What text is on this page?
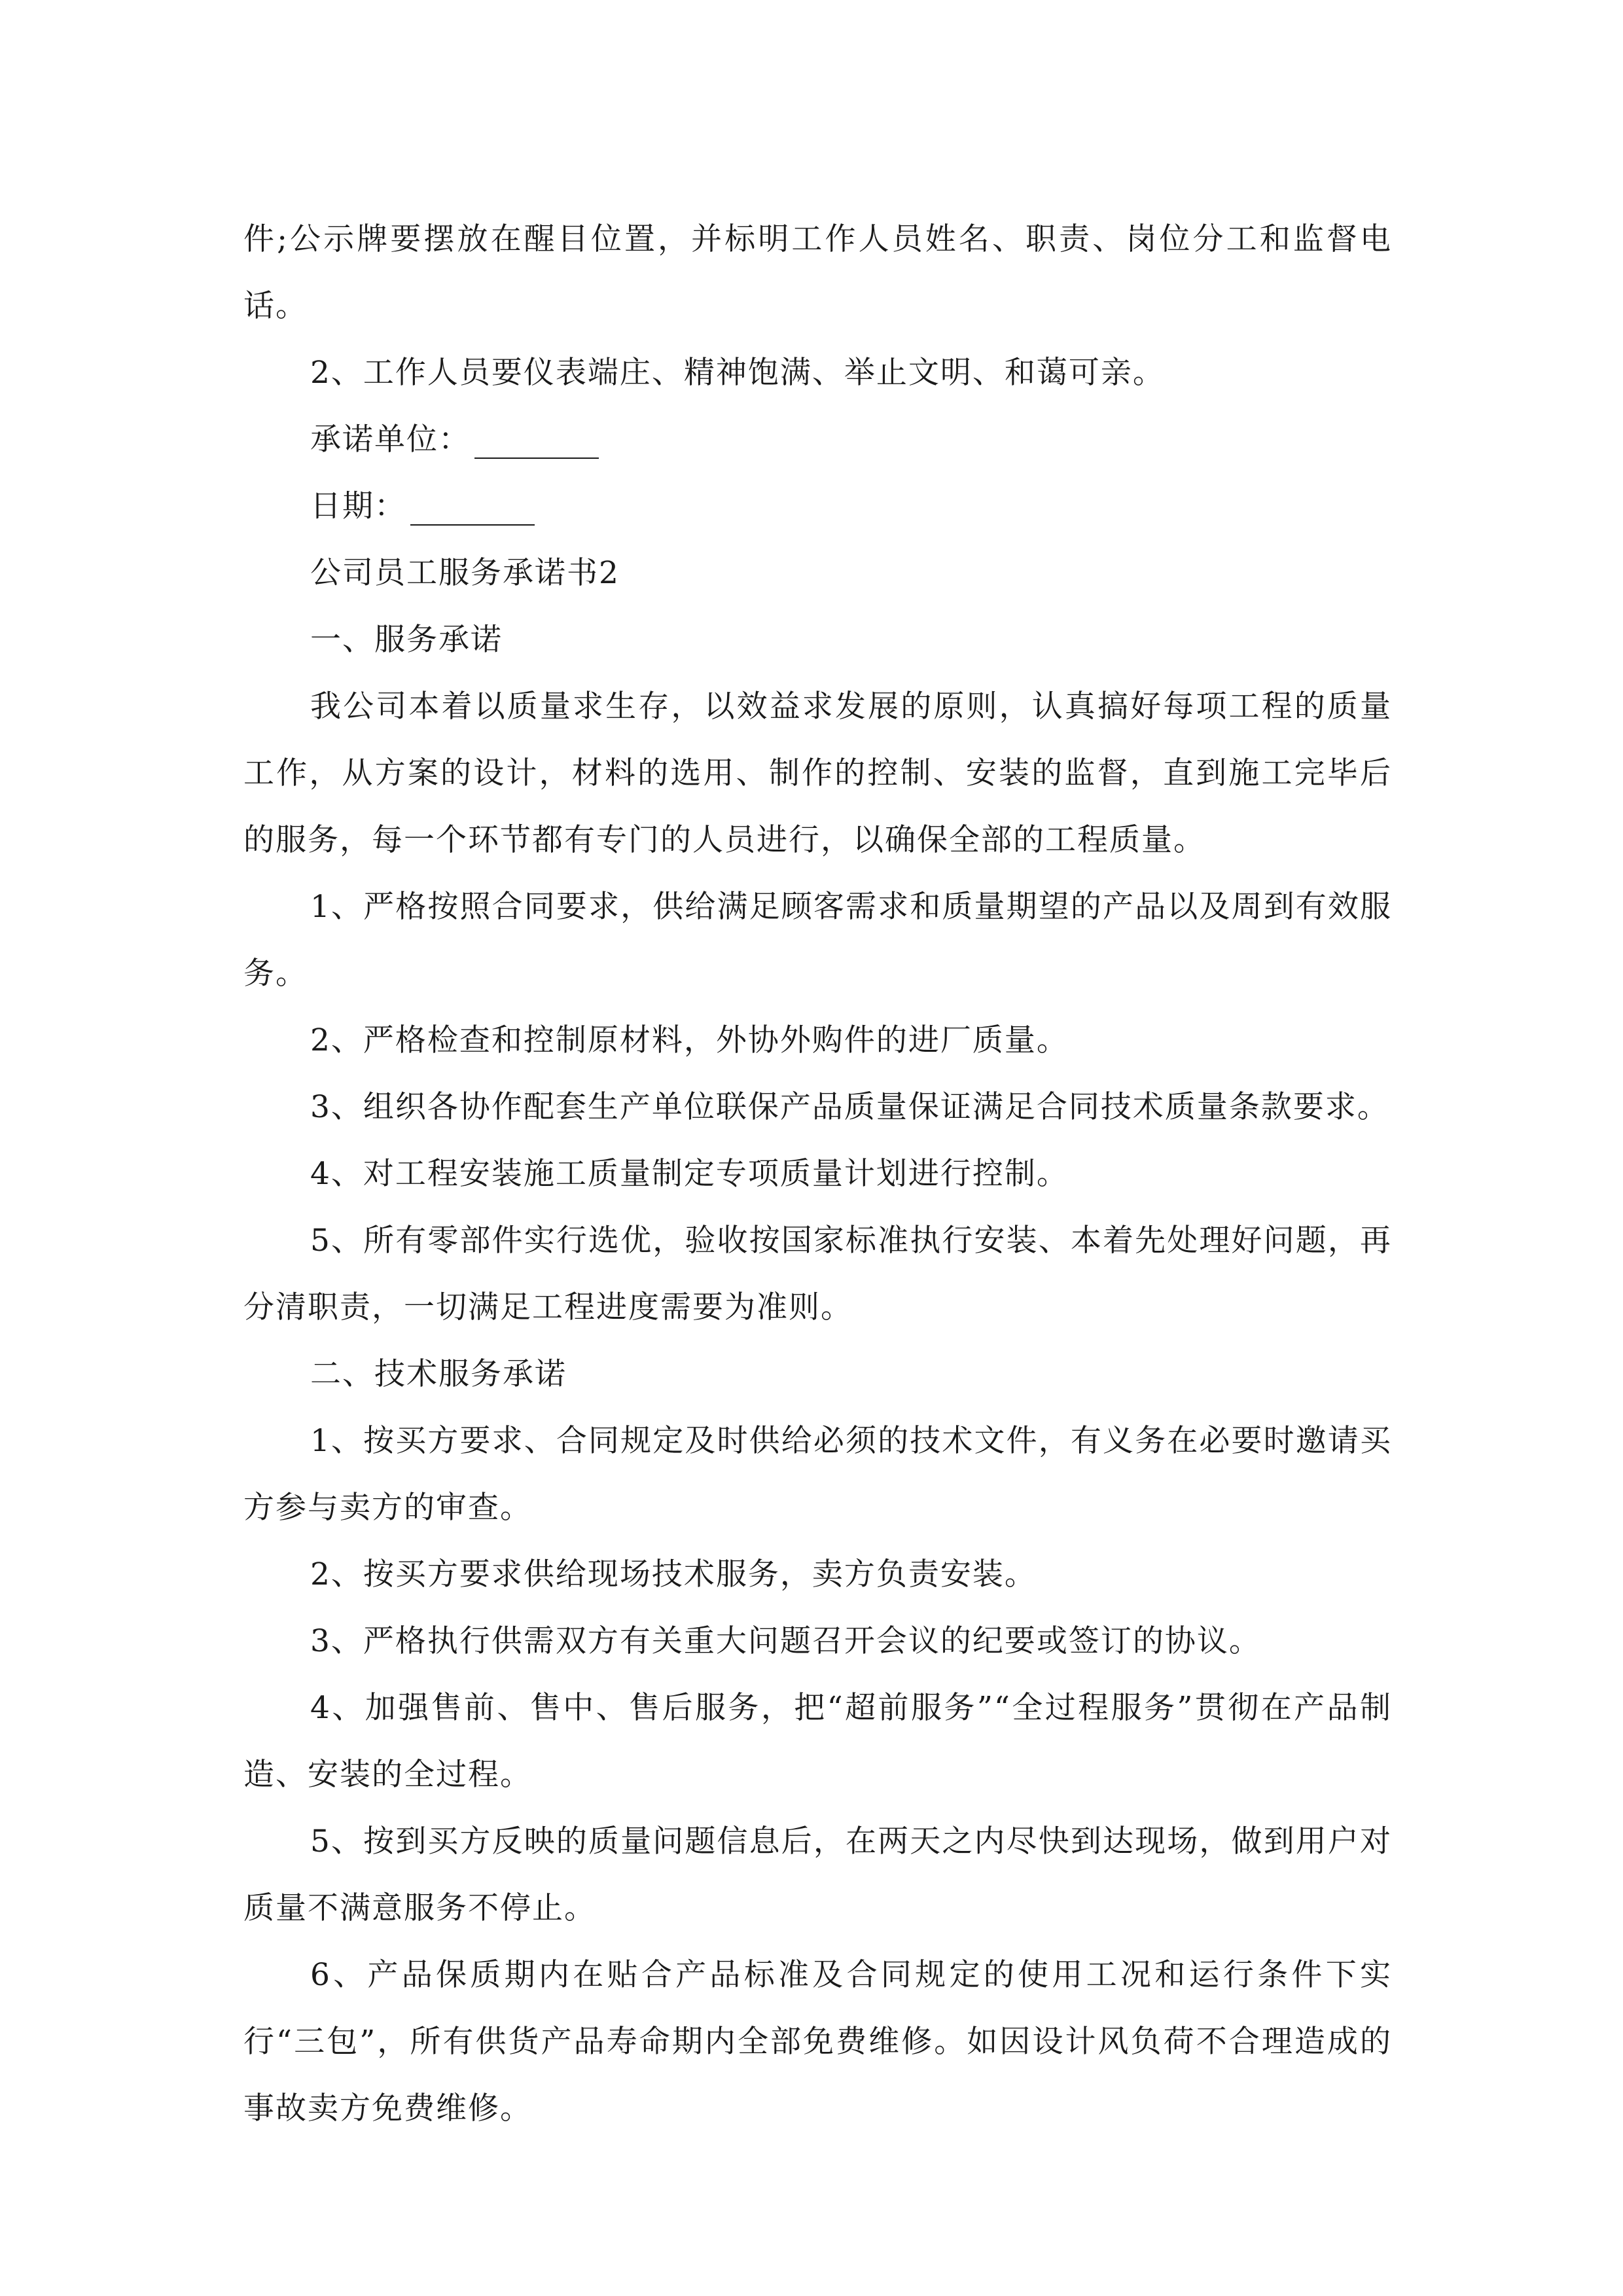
件;公示牌要摆放在醒目位置，并标明工作人员姓名、职责、岗位分工和监督电话。

2、工作人员要仪表端庄、精神饱满、举止文明、和蔼可亲。

承诺单位：

日期：

公司员工服务承诺书2

一、服务承诺

我公司本着以质量求生存，以效益求发展的原则，认真搞好每项工程的质量工作，从方案的设计，材料的选用、制作的控制、安装的监督，直到施工完毕后的服务，每一个环节都有专门的人员进行，以确保全部的工程质量。

1、严格按照合同要求，供给满足顾客需求和质量期望的产品以及周到有效服务。

2、严格检查和控制原材料，外协外购件的进厂质量。

3、组织各协作配套生产单位联保产品质量保证满足合同技术质量条款要求。

4、对工程安装施工质量制定专项质量计划进行控制。

5、所有零部件实行选优，验收按国家标准执行安装、本着先处理好问题，再分清职责，一切满足工程进度需要为准则。

二、技术服务承诺

1、按买方要求、合同规定及时供给必须的技术文件，有义务在必要时邀请买方参与卖方的审查。

2、按买方要求供给现场技术服务，卖方负责安装。

3、严格执行供需双方有关重大问题召开会议的纪要或签订的协议。

4、加强售前、售中、售后服务，把“超前服务”“全过程服务”贯彻在产品制造、安装的全过程。

5、按到买方反映的质量问题信息后，在两天之内尽快到达现场，做到用户对质量不满意服务不停止。

6、产品保质期内在贴合产品标准及合同规定的使用工况和运行条件下实行“三包”，所有供货产品寿命期内全部免费维修。如因设计风负荷不合理造成的事故卖方免费维修。
